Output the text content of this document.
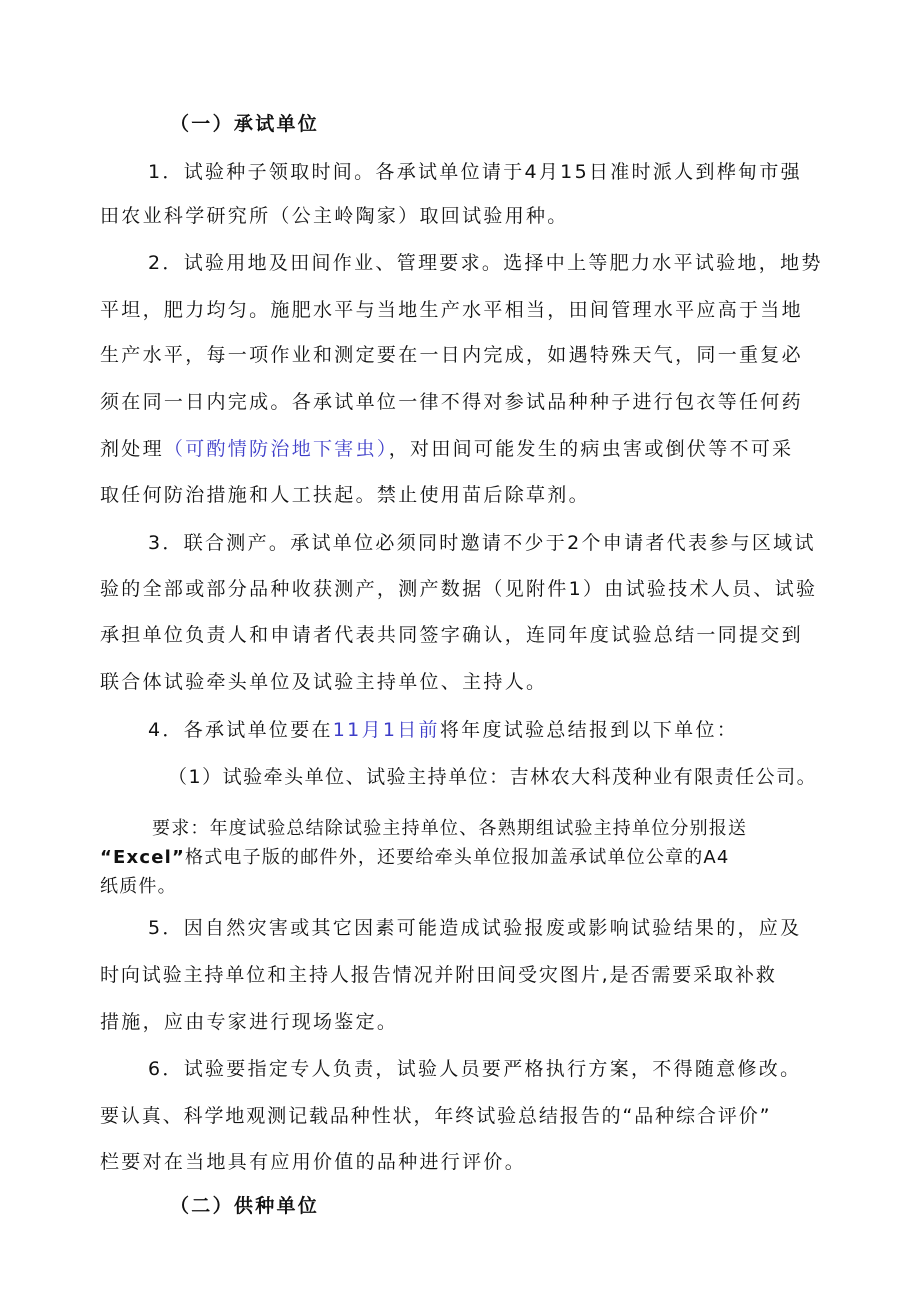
（一）承试单位
1．试验种子领取时间。各承试单位请于4月15日准时派人到桦甸市强
田农业科学研究所（公主岭陶家）取回试验用种。
2．试验用地及田间作业、管理要求。选择中上等肥力水平试验地，地势
平坦，肥力均匀。施肥水平与当地生产水平相当，田间管理水平应高于当地
生产水平，每一项作业和测定要在一日内完成，如遇特殊天气，同一重复必
须在同一日内完成。各承试单位一律不得对参试品种种子进行包衣等任何药
剂处理（可酌情防治地下害虫），对田间可能发生的病虫害或倒伏等不可采
取任何防治措施和人工扶起。禁止使用苗后除草剂。
3．联合测产。承试单位必须同时邀请不少于2个申请者代表参与区域试
验的全部或部分品种收获测产，测产数据（见附件1）由试验技术人员、试验
承担单位负责人和申请者代表共同签字确认，连同年度试验总结一同提交到
联合体试验牵头单位及试验主持单位、主持人。
4．各承试单位要在11月1日前将年度试验总结报到以下单位：
（1）试验牵头单位、试验主持单位：吉林农大科茂种业有限责任公司。
要求：年度试验总结除试验主持单位、各熟期组试验主持单位分别报送
“Excel”格式电子版的邮件外，还要给牵头单位报加盖承试单位公章的A4
纸质件。
5．因自然灾害或其它因素可能造成试验报废或影响试验结果的，应及
时向试验主持单位和主持人报告情况并附田间受灾图片,是否需要采取补救
措施，应由专家进行现场鉴定。
6．试验要指定专人负责，试验人员要严格执行方案，不得随意修改。
要认真、科学地观测记载品种性状，年终试验总结报告的“品种综合评价”
栏要对在当地具有应用价值的品种进行评价。
（二）供种单位
